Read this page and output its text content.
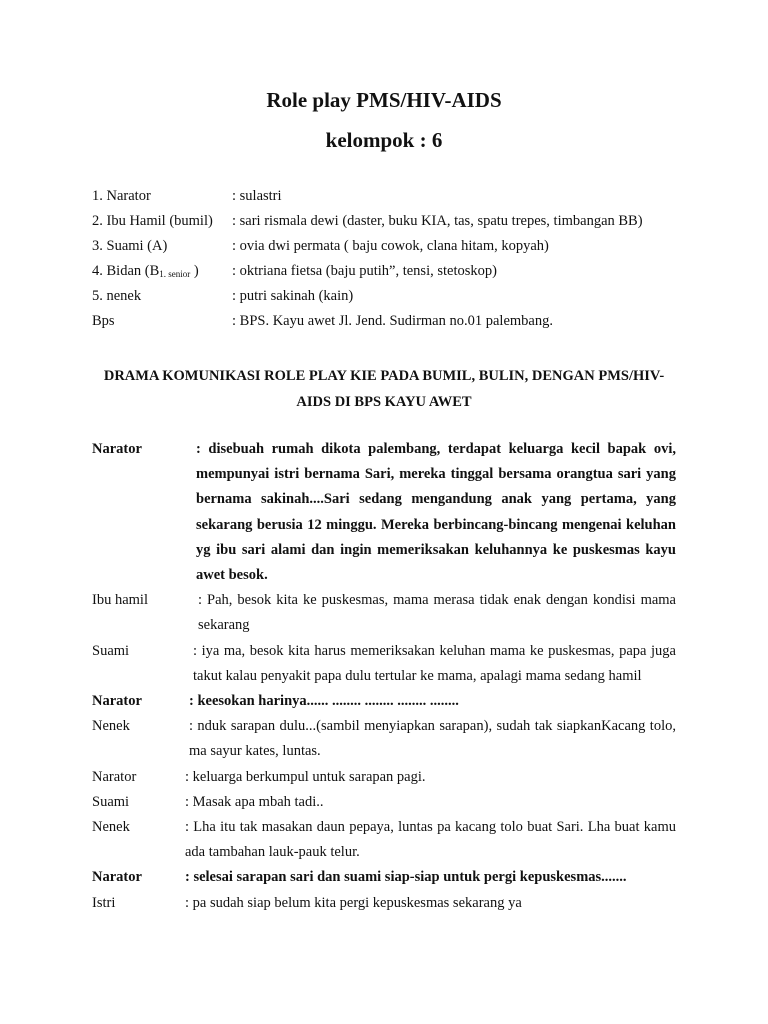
Role play PMS/HIV-AIDS
kelompok : 6
1. Narator	: sulastri
2. Ibu Hamil (bumil)	: sari rismala dewi (daster, buku KIA, tas, spatu trepes, timbangan BB)
3. Suami (A)	: ovia dwi permata ( baju cowok, clana hitam, kopyah)
4. Bidan ($B_{1. senior}$ )	: oktriana fietsa (baju putih”, tensi, stetoskop)
5. nenek	: putri sakinah (kain)
Bps	: BPS. Kayu awet Jl. Jend. Sudirman no.01 palembang.
DRAMA KOMUNIKASI ROLE PLAY KIE PADA BUMIL, BULIN, DENGAN PMS/HIV-AIDS DI BPS KAYU AWET
Narator	: disebuah rumah dikota palembang, terdapat keluarga kecil bapak ovi, mempunyai istri bernama Sari, mereka tinggal bersama orangtua sari yang bernama sakinah....Sari sedang mengandung anak yang pertama, yang sekarang berusia 12 minggu. Mereka berbincang-bincang mengenai keluhan yg ibu sari alami dan ingin memeriksakan keluhannya ke puskesmas kayu awet besok.
Ibu hamil	: Pah, besok kita ke puskesmas, mama merasa tidak enak dengan kondisi mama sekarang
Suami	: iya ma, besok kita harus memeriksakan keluhan mama ke puskesmas, papa juga takut kalau penyakit papa dulu tertular ke mama, apalagi mama sedang hamil
Narator	: keesokan harinya...... ........ ........ ........ ........
Nenek	: nduk sarapan dulu...(sambil menyiapkan sarapan), sudah tak siapkanKacang tolo, ma sayur kates, luntas.
Narator	: keluarga berkumpul untuk sarapan pagi.
Suami	: Masak apa mbah tadi..
Nenek	: Lha itu tak masakan daun pepaya, luntas pa kacang tolo buat Sari. Lha buat kamu ada tambahan lauk-pauk telur.
Narator	: selesai sarapan sari dan suami siap-siap untuk pergi kepuskesmas.......
Istri	: pa sudah siap belum kita pergi kepuskesmas sekarang ya
